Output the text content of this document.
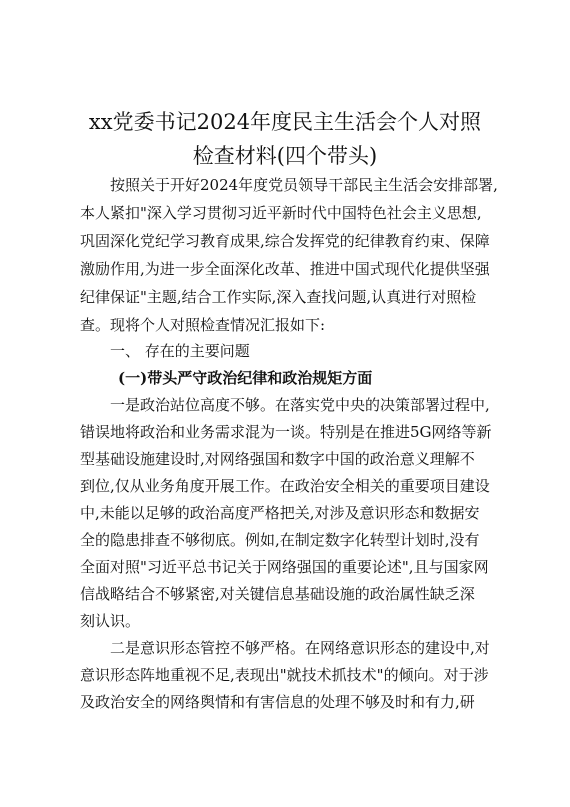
xx党委书记2024年度民主生活会个人对照
检查材料(四个带头)
按照关于开好2024年度党员领导干部民主生活会安排部署,
本人紧扣"深入学习贯彻习近平新时代中国特色社会主义思想,
巩固深化党纪学习教育成果,综合发挥党的纪律教育约束、保障
激励作用,为进一步全面深化改革、推进中国式现代化提供坚强
纪律保证"主题,结合工作实际,深入查找问题,认真进行对照检
查。现将个人对照检查情况汇报如下:
一、 存在的主要问题
(一)带头严守政治纪律和政治规矩方面
一是政治站位高度不够。在落实党中央的决策部署过程中,
错误地将政治和业务需求混为一谈。特别是在推进5G网络等新
型基础设施建设时,对网络强国和数字中国的政治意义理解不
到位,仅从业务角度开展工作。在政治安全相关的重要项目建设
中,未能以足够的政治高度严格把关,对涉及意识形态和数据安
全的隐患排查不够彻底。例如,在制定数字化转型计划时,没有
全面对照"习近平总书记关于网络强国的重要论述",且与国家网
信战略结合不够紧密,对关键信息基础设施的政治属性缺乏深
刻认识。
二是意识形态管控不够严格。在网络意识形态的建设中,对
意识形态阵地重视不足,表现出"就技术抓技术"的倾向。对于涉
及政治安全的网络舆情和有害信息的处理不够及时和有力,研
